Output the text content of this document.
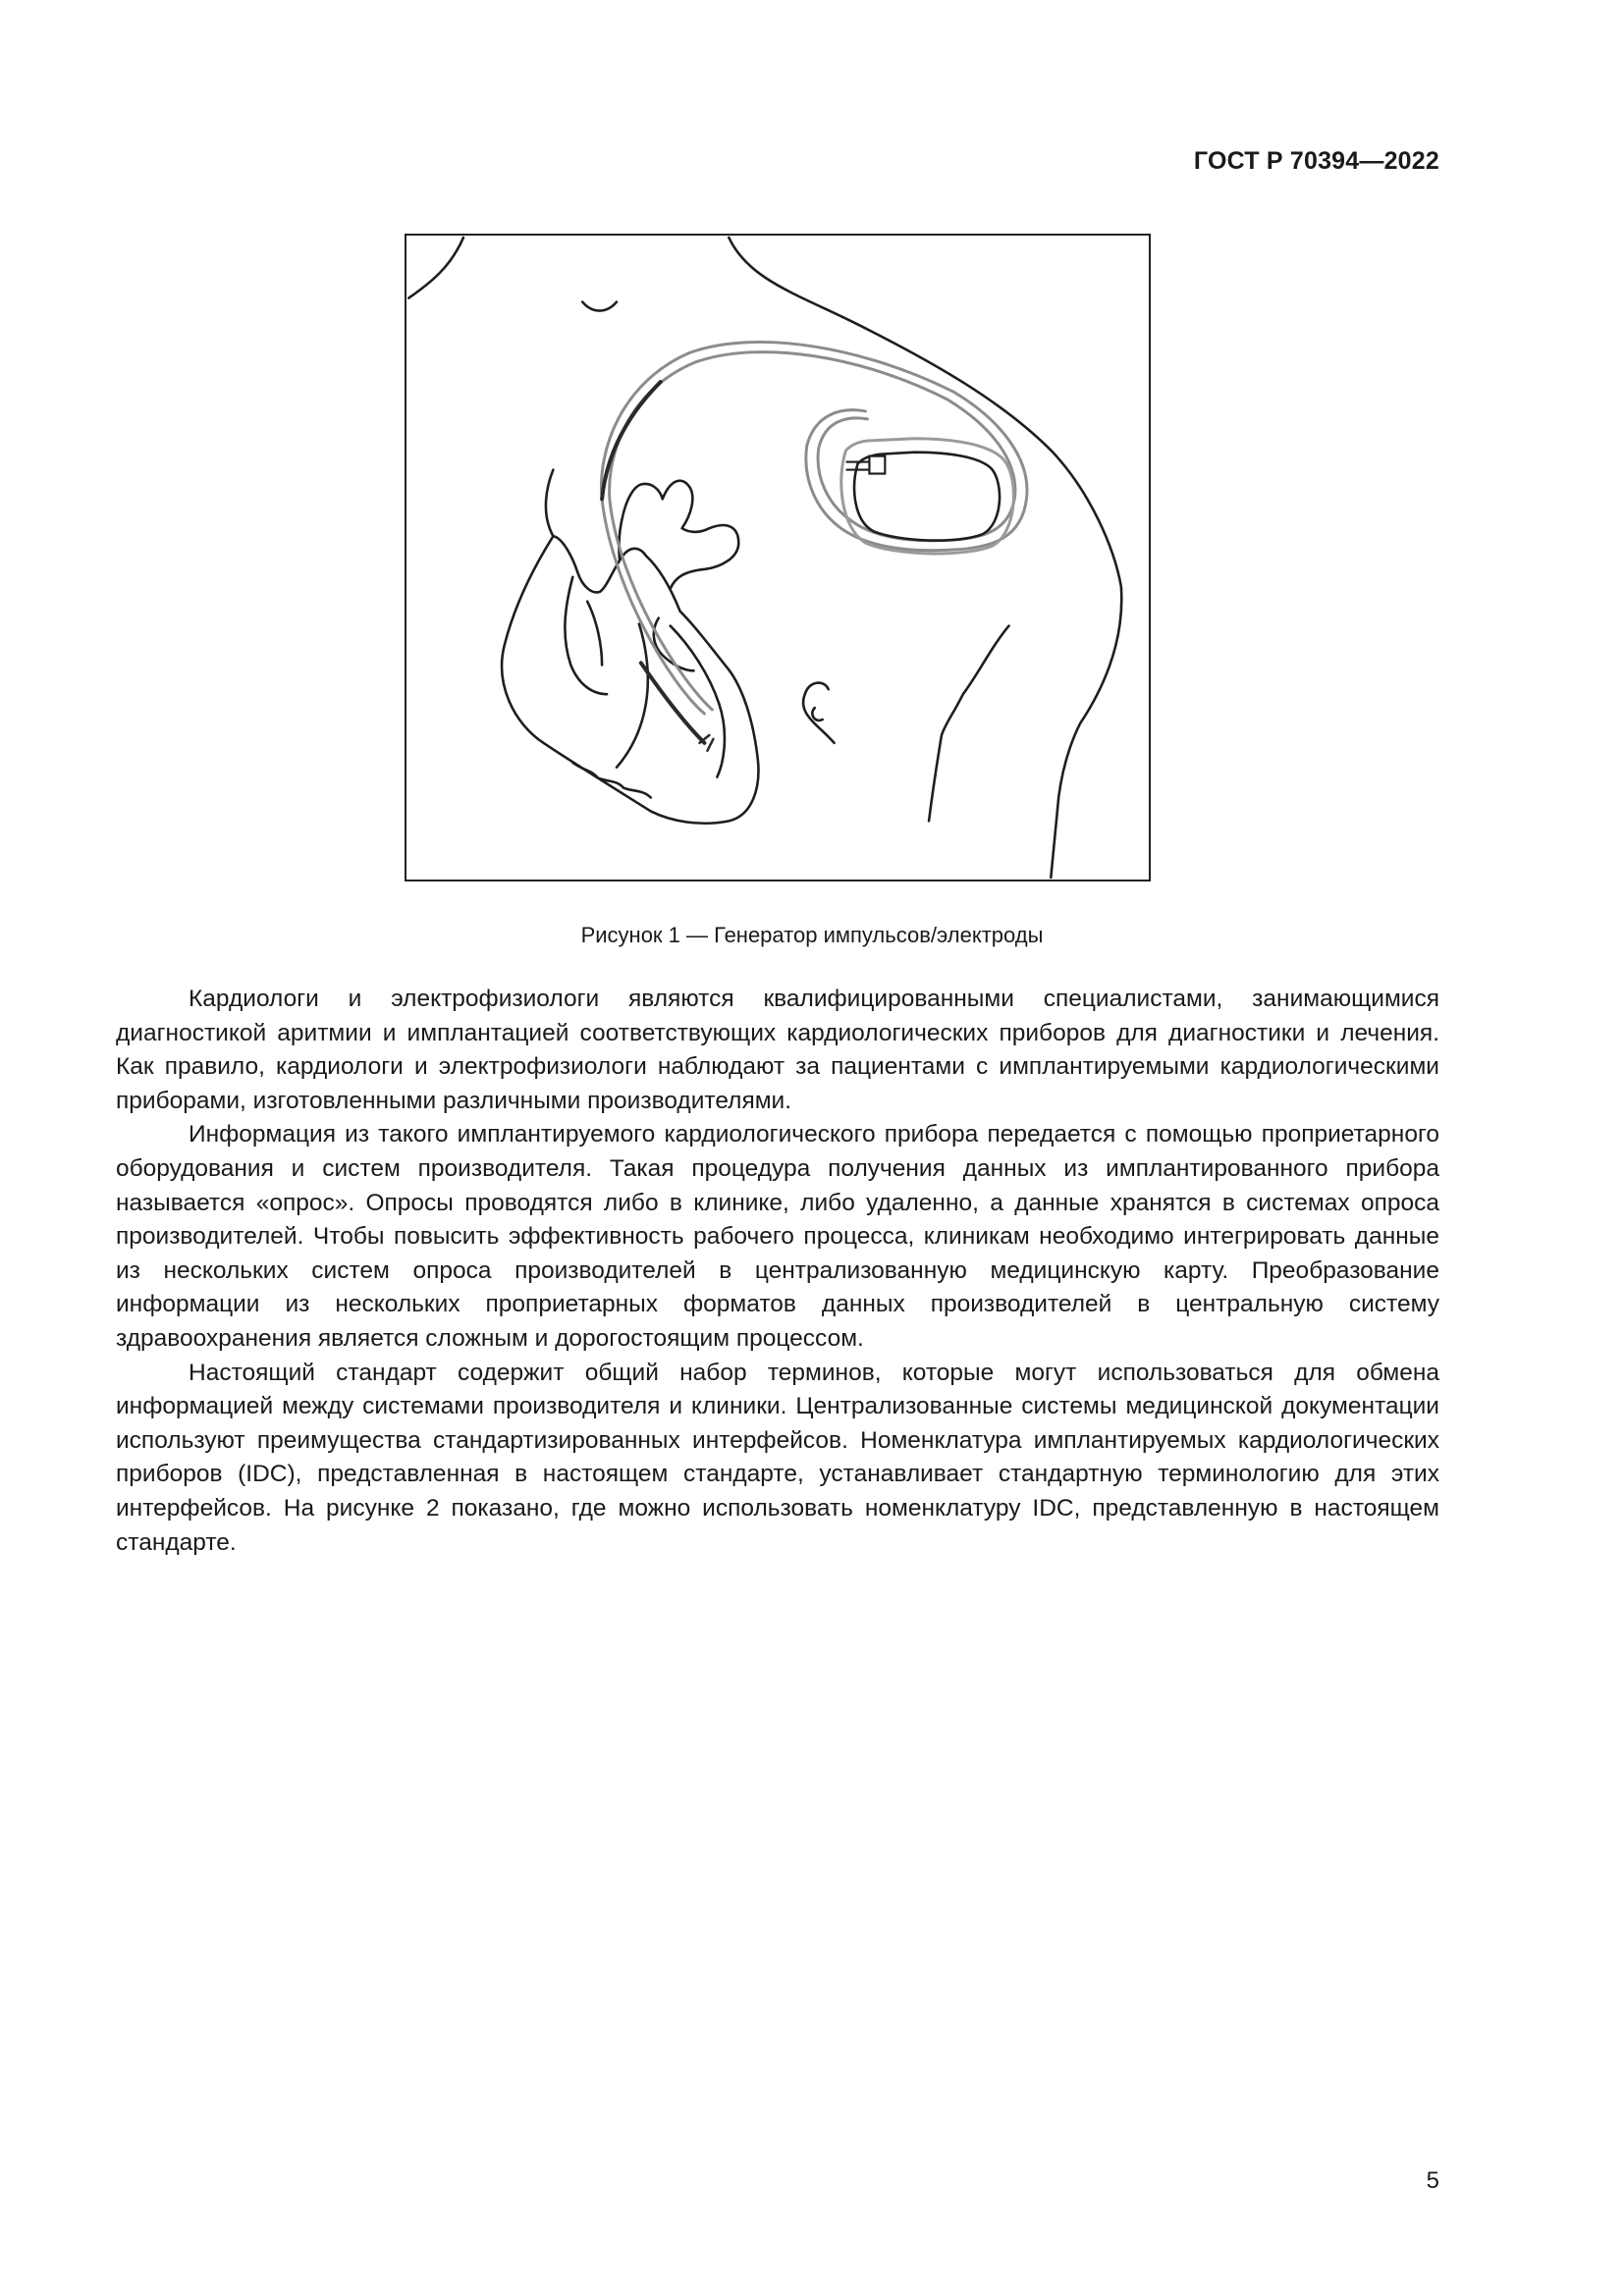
ГОСТ Р 70394—2022
Рисунок 1 — Генератор импульсов/электроды

Кардиологи и электрофизиологи являются квалифицированными специалистами, занимающимися диагностикой аритмии и имплантацией соответствующих кардиологических приборов для диагностики и лечения. Как правило, кардиологи и электрофизиологи наблюдают за пациентами с имплантируемыми кардиологическими приборами, изготовленными различными производителями.

Информация из такого имплантируемого кардиологического прибора передается с помощью проприетарного оборудования и систем производителя. Такая процедура получения данных из имплантированного прибора называется «опрос». Опросы проводятся либо в клинике, либо удаленно, а данные хранятся в системах опроса производителей. Чтобы повысить эффективность рабочего процесса, клиникам необходимо интегрировать данные из нескольких систем опроса производителей в централизованную медицинскую карту. Преобразование информации из нескольких проприетарных форматов данных производителей в центральную систему здравоохранения является сложным и дорогостоящим процессом.

Настоящий стандарт содержит общий набор терминов, которые могут использоваться для обмена информацией между системами производителя и клиники. Централизованные системы медицинской документации используют преимущества стандартизированных интерфейсов. Номенклатура имплантируемых кардиологических приборов (IDC), представленная в настоящем стандарте, устанавливает стандартную терминологию для этих интерфейсов. На рисунке 2 показано, где можно использовать номенклатуру IDC, представленную в настоящем стандарте.

5
